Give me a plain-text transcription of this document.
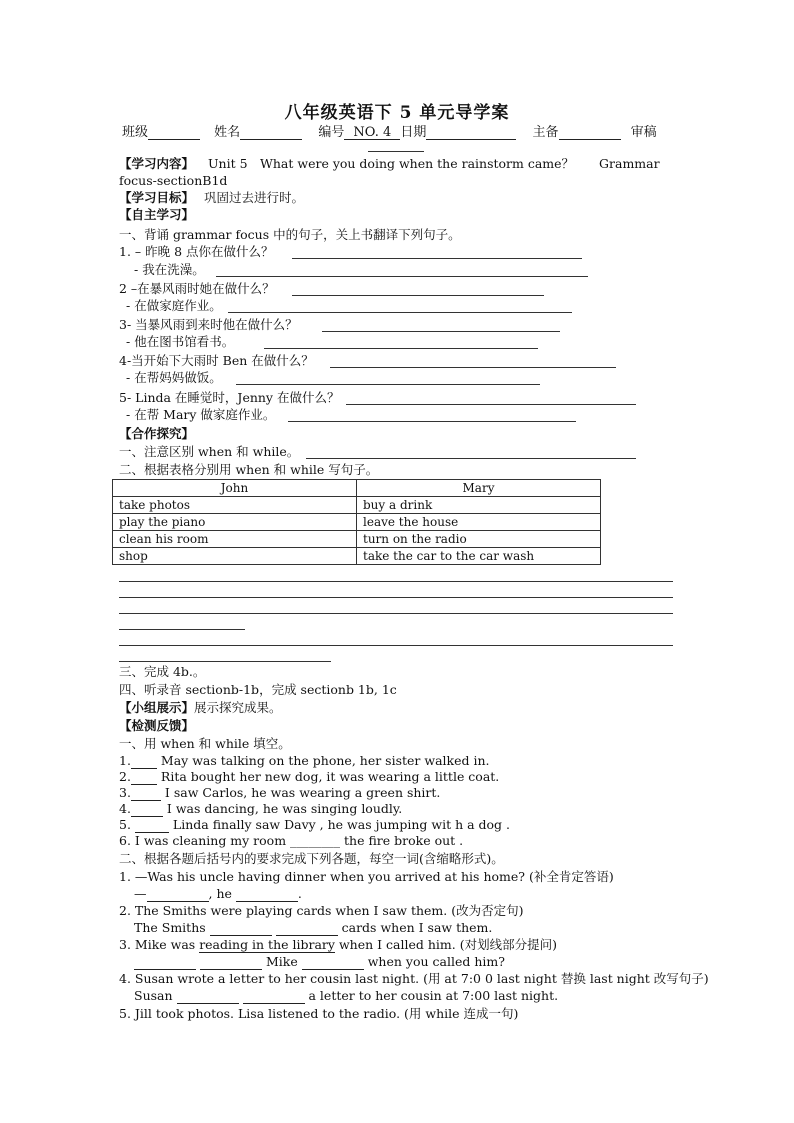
八年级英语下 5 单元导学案
班级	姓名	编号 NO. 4 日期	主备	审稿
【学习内容】 Unit 5　What were you doing when the rainstorm came？　　Grammar
focus-sectionB1d
【学习目标】 巩固过去进行时。
【自主学习】
一、背诵 grammar focus 中的句子，关上书翻译下列句子。
1. – 昨晚 8 点你在做什么？
- 我在洗澡。
2 –在暴风雨时她在做什么？
- 在做家庭作业。
3- 当暴风雨到来时他在做什么？
- 他在图书馆看书。
4-当开始下大雨时 Ben 在做什么？
- 在帮妈妈做饭。
5- Linda 在睡觉时，Jenny 在做什么？
- 在帮 Mary 做家庭作业。
【合作探究】
一、注意区别 when 和 while。
二、根据表格分别用 when 和 while 写句子。
John	Mary
take photos	buy a drink
play the piano	leave the house
clean his room	turn on the radio
shop	take the car to the car wash
三、完成 4b.。
四、听录音 sectionb-1b，完成 sectionb 1b, 1c
【小组展示】展示探究成果。
【检测反馈】
一、用 when 和 while 填空。
1. May was talking on the phone, her sister walked in.
2. Rita bought her new dog, it was wearing a little coat.
3. I saw Carlos, he was wearing a green shirt.
4.	I was dancing, he was singing loudly.
5.	Linda finally saw Davy , he was jumping wit h a dog .
6. I was cleaning my room ________ the fire broke out .
二、根据各题后括号内的要求完成下列各题，每空一词(含缩略形式)。
1. —Was his uncle having dinner when you arrived at his home? (补全肯定答语)
—	, he	.
2. The Smiths were playing cards when I saw them. (改为否定句)
The Smiths	cards when I saw them.
3. Mike was reading in the library when I called him. (对划线部分提问)
Mike	when you called him?
4. Susan wrote a letter to her cousin last night. (用 at 7:0 0 last night 替换 last night 改写句子)
Susan	a letter to her cousin at 7:00 last night.
5. Jill took photos. Lisa listened to the radio. (用 while 连成一句)
